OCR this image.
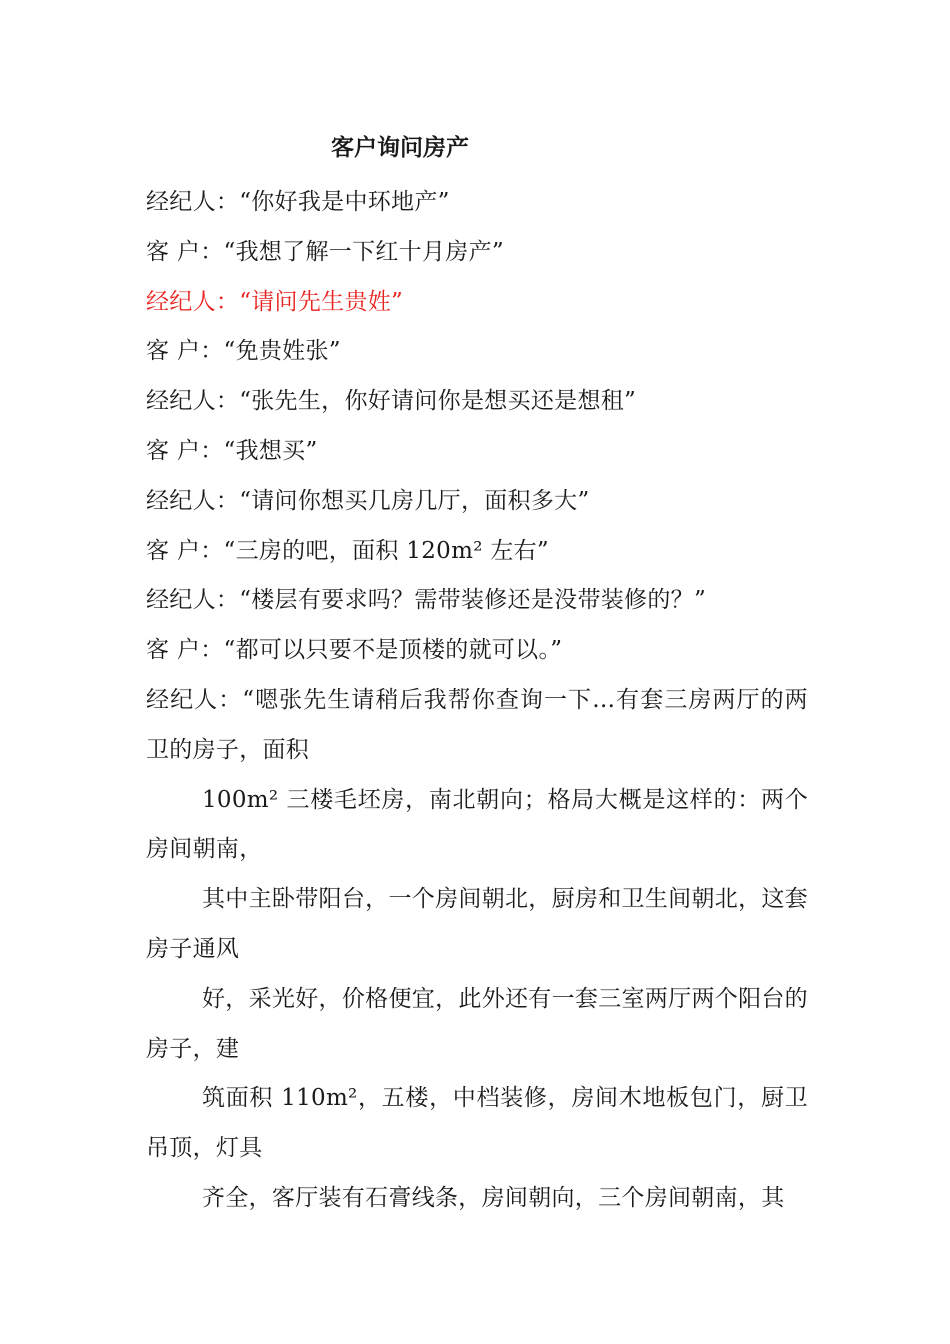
客户询问房产

经纪人：“你好我是中环地产”

客 户：“我想了解一下红十月房产”

经纪人：“请问先生贵姓”

客 户：“免贵姓张”

经纪人：“张先生，你好请问你是想买还是想租”

客 户：“我想买”

经纪人：“请问你想买几房几厅，面积多大”

客 户：“三房的吧，面积 120m² 左右”

经纪人：“楼层有要求吗？需带装修还是没带装修的？”

客 户：“都可以只要不是顶楼的就可以。”

经纪人：“嗯张先生请稍后我帮你查询一下…有套三房两厅的两卫的房子，面积

100m² 三楼毛坯房，南北朝向；格局大概是这样的：两个房间朝南，

其中主卧带阳台，一个房间朝北，厨房和卫生间朝北，这套房子通风

好，采光好，价格便宜，此外还有一套三室两厅两个阳台的房子，建

筑面积 110m²，五楼，中档装修，房间木地板包门，厨卫吊顶，灯具

齐全，客厅装有石膏线条，房间朝向，三个房间朝南，其
